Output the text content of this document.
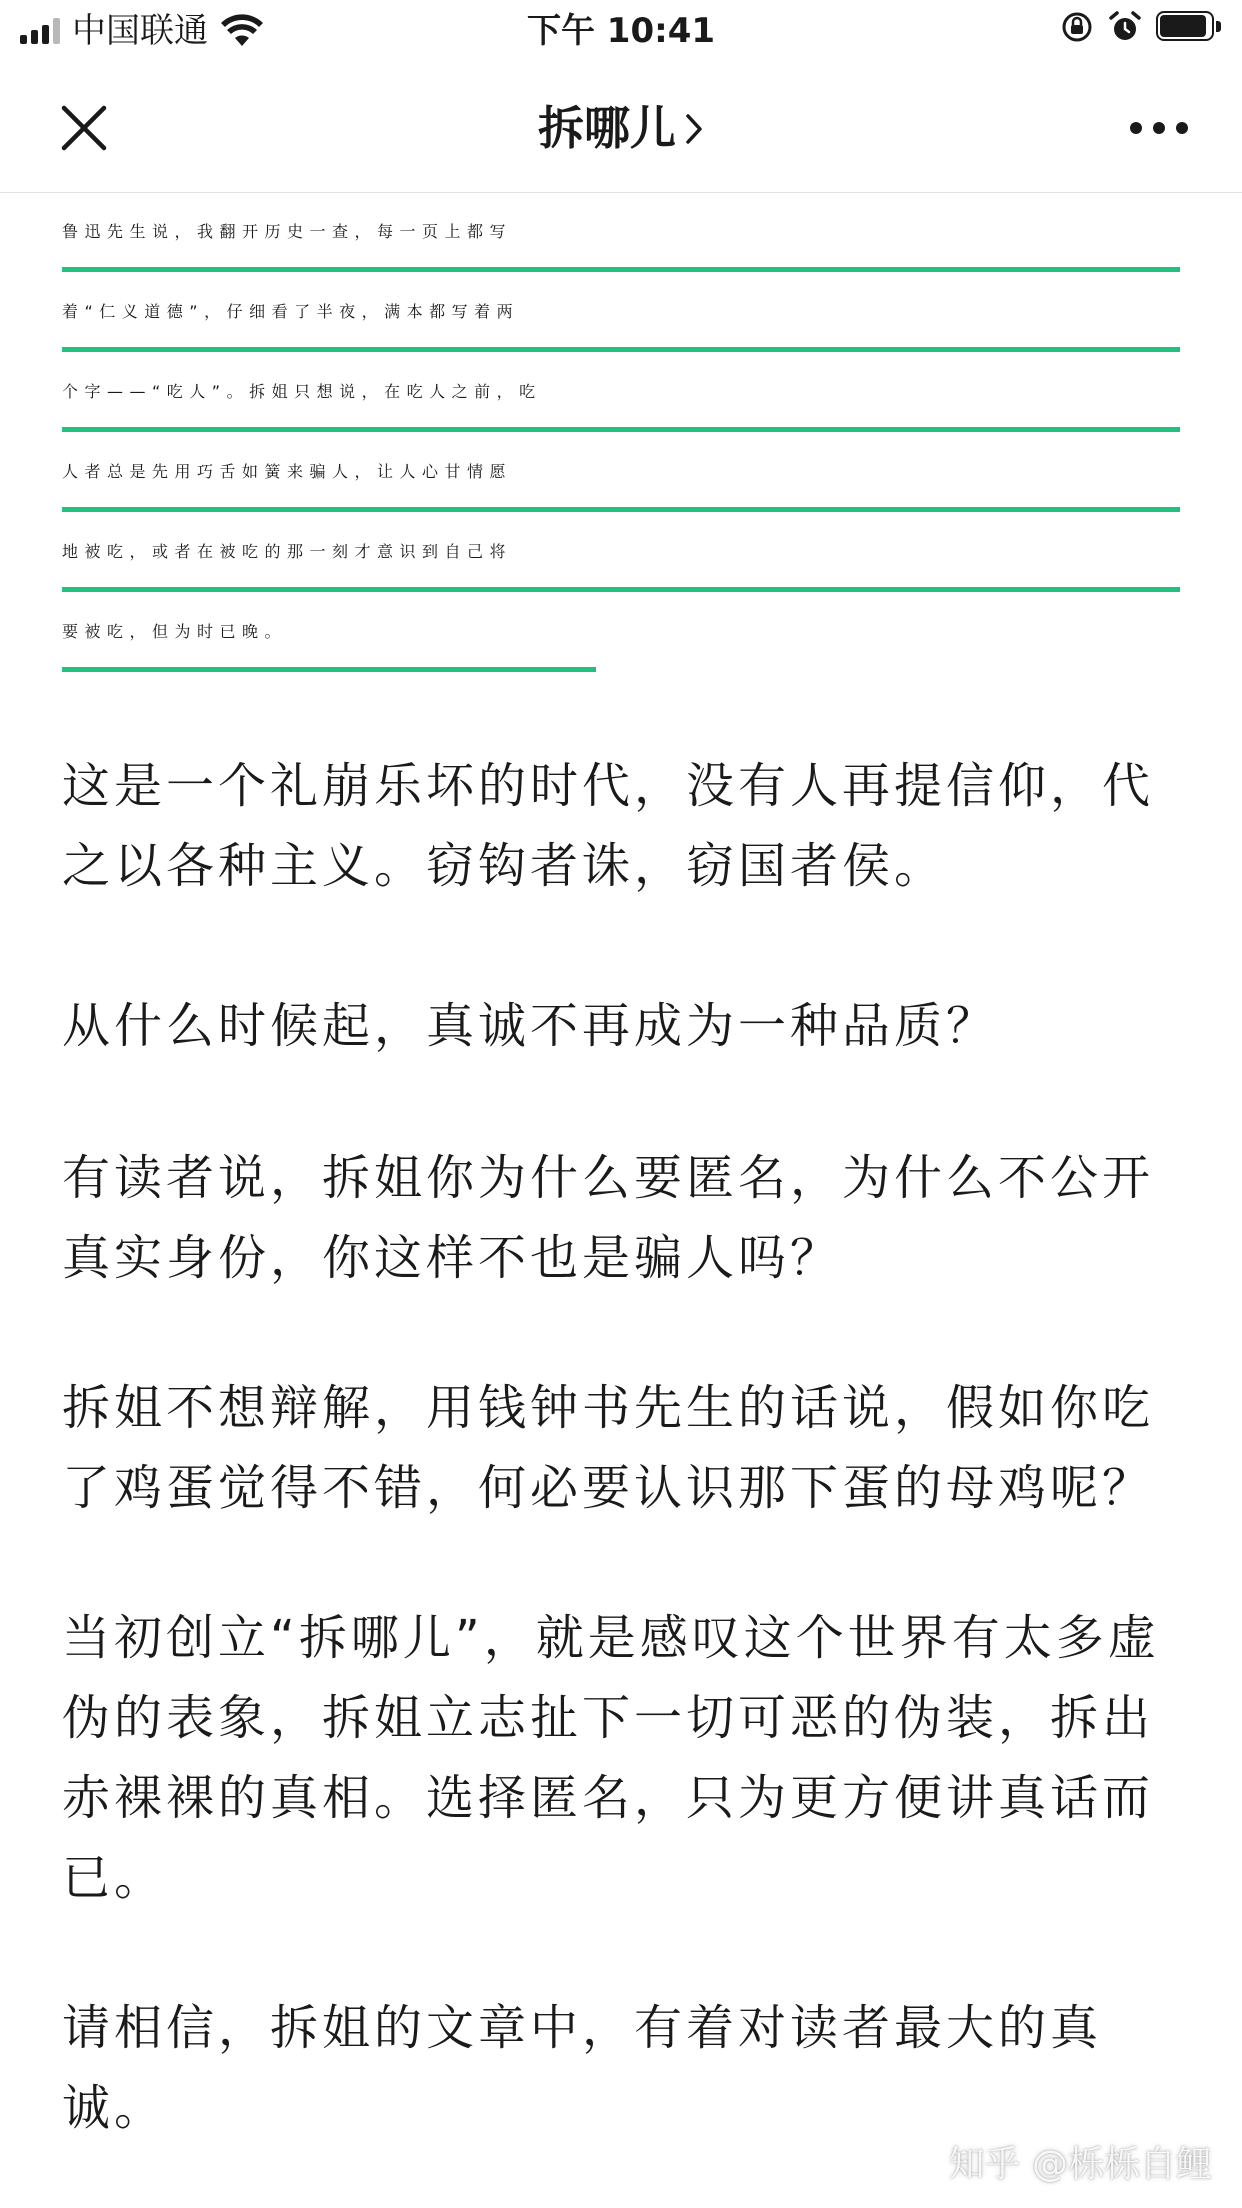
中国联通	下午 10:41
拆哪儿
鲁迅先生说，我翻开历史一查，每一页上都写
着“仁义道德”，仔细看了半夜，满本都写着两
个字——“吃人”。拆姐只想说，在吃人之前，吃
人者总是先用巧舌如簧来骗人，让人心甘情愿
地被吃，或者在被吃的那一刻才意识到自己将
要被吃，但为时已晚。

这是一个礼崩乐坏的时代，没有人再提信仰，代之以各种主义。窃钩者诛，窃国者侯。

从什么时候起，真诚不再成为一种品质？

有读者说，拆姐你为什么要匿名，为什么不公开真实身份，你这样不也是骗人吗？

拆姐不想辩解，用钱钟书先生的话说，假如你吃了鸡蛋觉得不错，何必要认识那下蛋的母鸡呢？

当初创立“拆哪儿”，就是感叹这个世界有太多虚伪的表象，拆姐立志扯下一切可恶的伪装，拆出赤裸裸的真相。选择匿名，只为更方便讲真话而已。

请相信，拆姐的文章中，有着对读者最大的真诚。

知乎 @栎栎自鲤
